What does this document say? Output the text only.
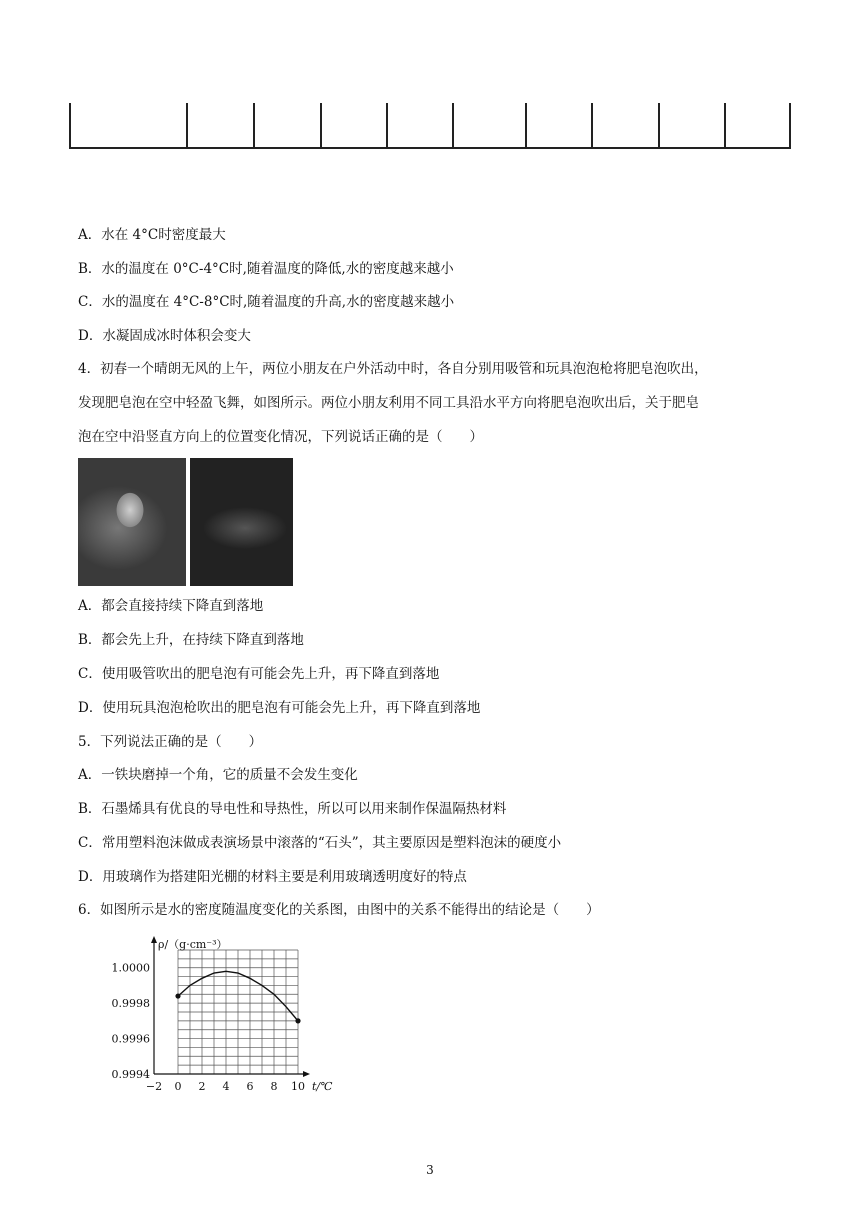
A．水在 4°C时密度最大
B．水的温度在 0°C-4°C时,随着温度的降低,水的密度越来越小
C．水的温度在 4°C-8°C时,随着温度的升高,水的密度越来越小
D．水凝固成冰时体积会变大
4．初春一个晴朗无风的上午，两位小朋友在户外活动中时，各自分别用吸管和玩具泡泡枪将肥皂泡吹出，
发现肥皂泡在空中轻盈飞舞，如图所示。两位小朋友利用不同工具沿水平方向将肥皂泡吹出后，关于肥皂
泡在空中沿竖直方向上的位置变化情况，下列说话正确的是（　　）
A．都会直接持续下降直到落地
B．都会先上升，在持续下降直到落地
C．使用吸管吹出的肥皂泡有可能会先上升，再下降直到落地
D．使用玩具泡泡枪吹出的肥皂泡有可能会先上升，再下降直到落地
5．下列说法正确的是（　　）
A．一铁块磨掉一个角，它的质量不会发生变化
B．石墨烯具有优良的导电性和导热性，所以可以用来制作保温隔热材料
C．常用塑料泡沫做成表演场景中滚落的“石头”，其主要原因是塑料泡沫的硬度小
D．用玻璃作为搭建阳光棚的材料主要是利用玻璃透明度好的特点
6．如图所示是水的密度随温度变化的关系图，由图中的关系不能得出的结论是（　　）
0.9994
0.9996
0.9998
1.0000
−2 0 2 4 6 8 10
ρ/（g·cm⁻³）
t/℃
3
